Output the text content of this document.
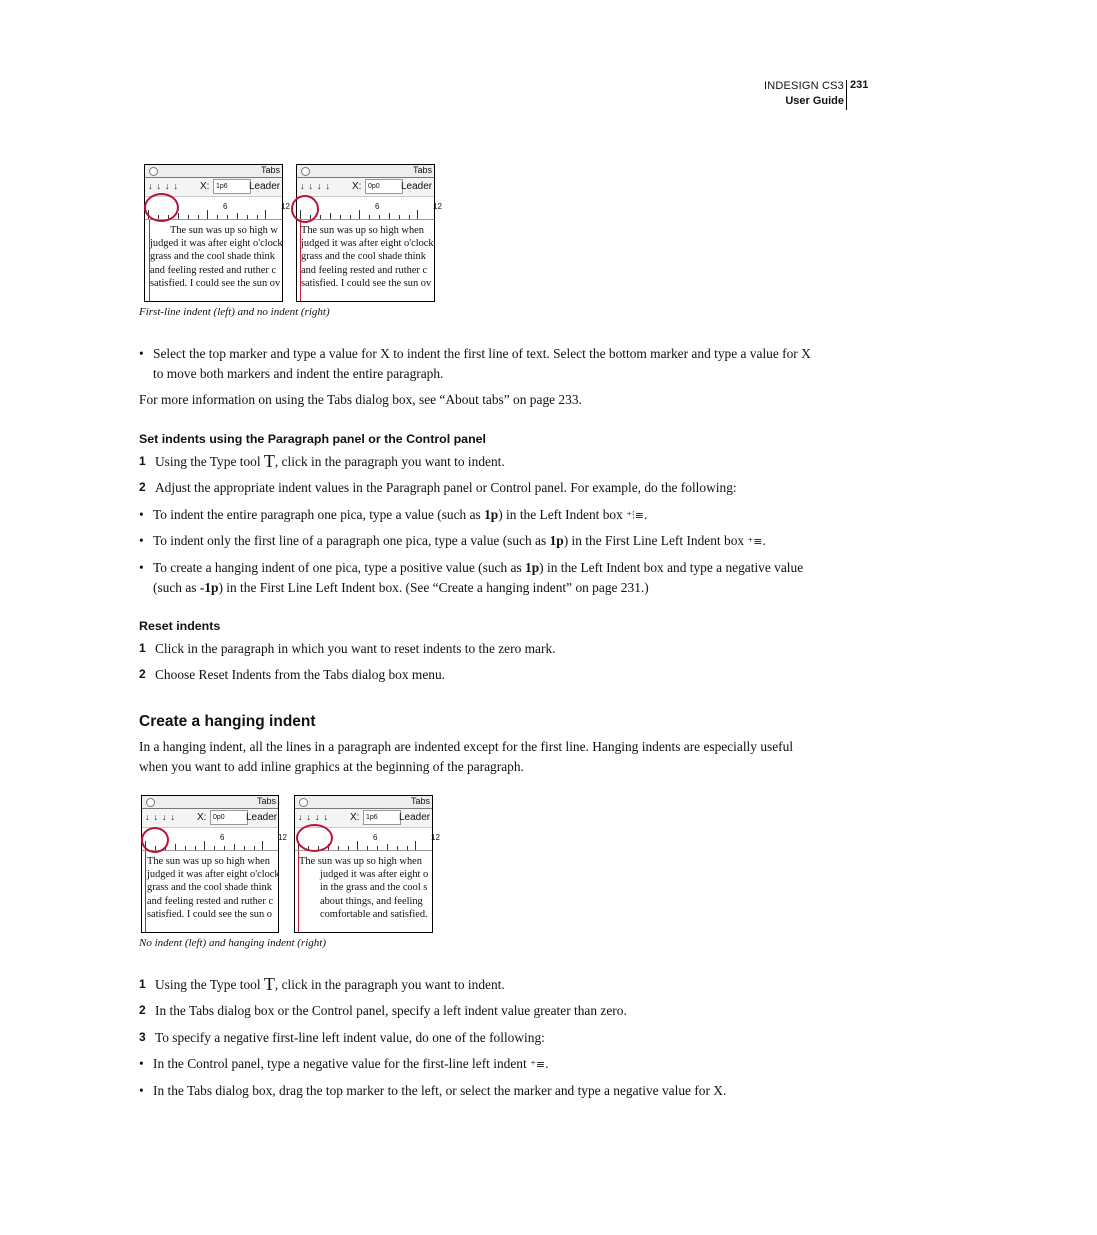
INDESIGN CS3
User Guide
231
Tabs
↓↓↓↓ X: 1p6	Leader
6	12
The sun was up so high w
judged it was after eight o'clock
grass and the cool shade think
and feeling rested and ruther c
satisfied. I could see the sun ov
Tabs
↓↓↓↓ X: 0p0	Leader
6	12
The sun was up so high when
judged it was after eight o'clock
grass and the cool shade think
and feeling rested and ruther c
satisfied. I could see the sun ov
First-line indent (left) and no indent (right)
• Select the top marker and type a value for X to indent the first line of text. Select the bottom marker and type a value for X to move both markers and indent the entire paragraph.
For more information on using the Tabs dialog box, see “About tabs” on page 233.
Set indents using the Paragraph panel or the Control panel
1 Using the Type tool T, click in the paragraph you want to indent.
2 Adjust the appropriate indent values in the Paragraph panel or Control panel. For example, do the following:
• To indent the entire paragraph one pica, type a value (such as 1p) in the Left Indent box ⁺⫶≡.
• To indent only the first line of a paragraph one pica, type a value (such as 1p) in the First Line Left Indent box ⁺≡.
• To create a hanging indent of one pica, type a positive value (such as 1p) in the Left Indent box and type a negative value (such as -1p) in the First Line Left Indent box. (See “Create a hanging indent” on page 231.)
Reset indents
1 Click in the paragraph in which you want to reset indents to the zero mark.
2 Choose Reset Indents from the Tabs dialog box menu.
Create a hanging indent
In a hanging indent, all the lines in a paragraph are indented except for the first line. Hanging indents are especially useful when you want to add inline graphics at the beginning of the paragraph.
Tabs
↓↓↓↓ X: 0p0	Leader
6	12
The sun was up so high when
judged it was after eight o'clock
grass and the cool shade think
and feeling rested and ruther c
satisfied. I could see the sun o
Tabs
↓↓↓↓ X: 1p6	Leader
6	12
The sun was up so high when
judged it was after eight o
in the grass and the cool s
about things, and feeling
comfortable and satisfied.
No indent (left) and hanging indent (right)
1 Using the Type tool T, click in the paragraph you want to indent.
2 In the Tabs dialog box or the Control panel, specify a left indent value greater than zero.
3 To specify a negative first-line left indent value, do one of the following:
• In the Control panel, type a negative value for the first-line left indent ⁺≡.
• In the Tabs dialog box, drag the top marker to the left, or select the marker and type a negative value for X.
